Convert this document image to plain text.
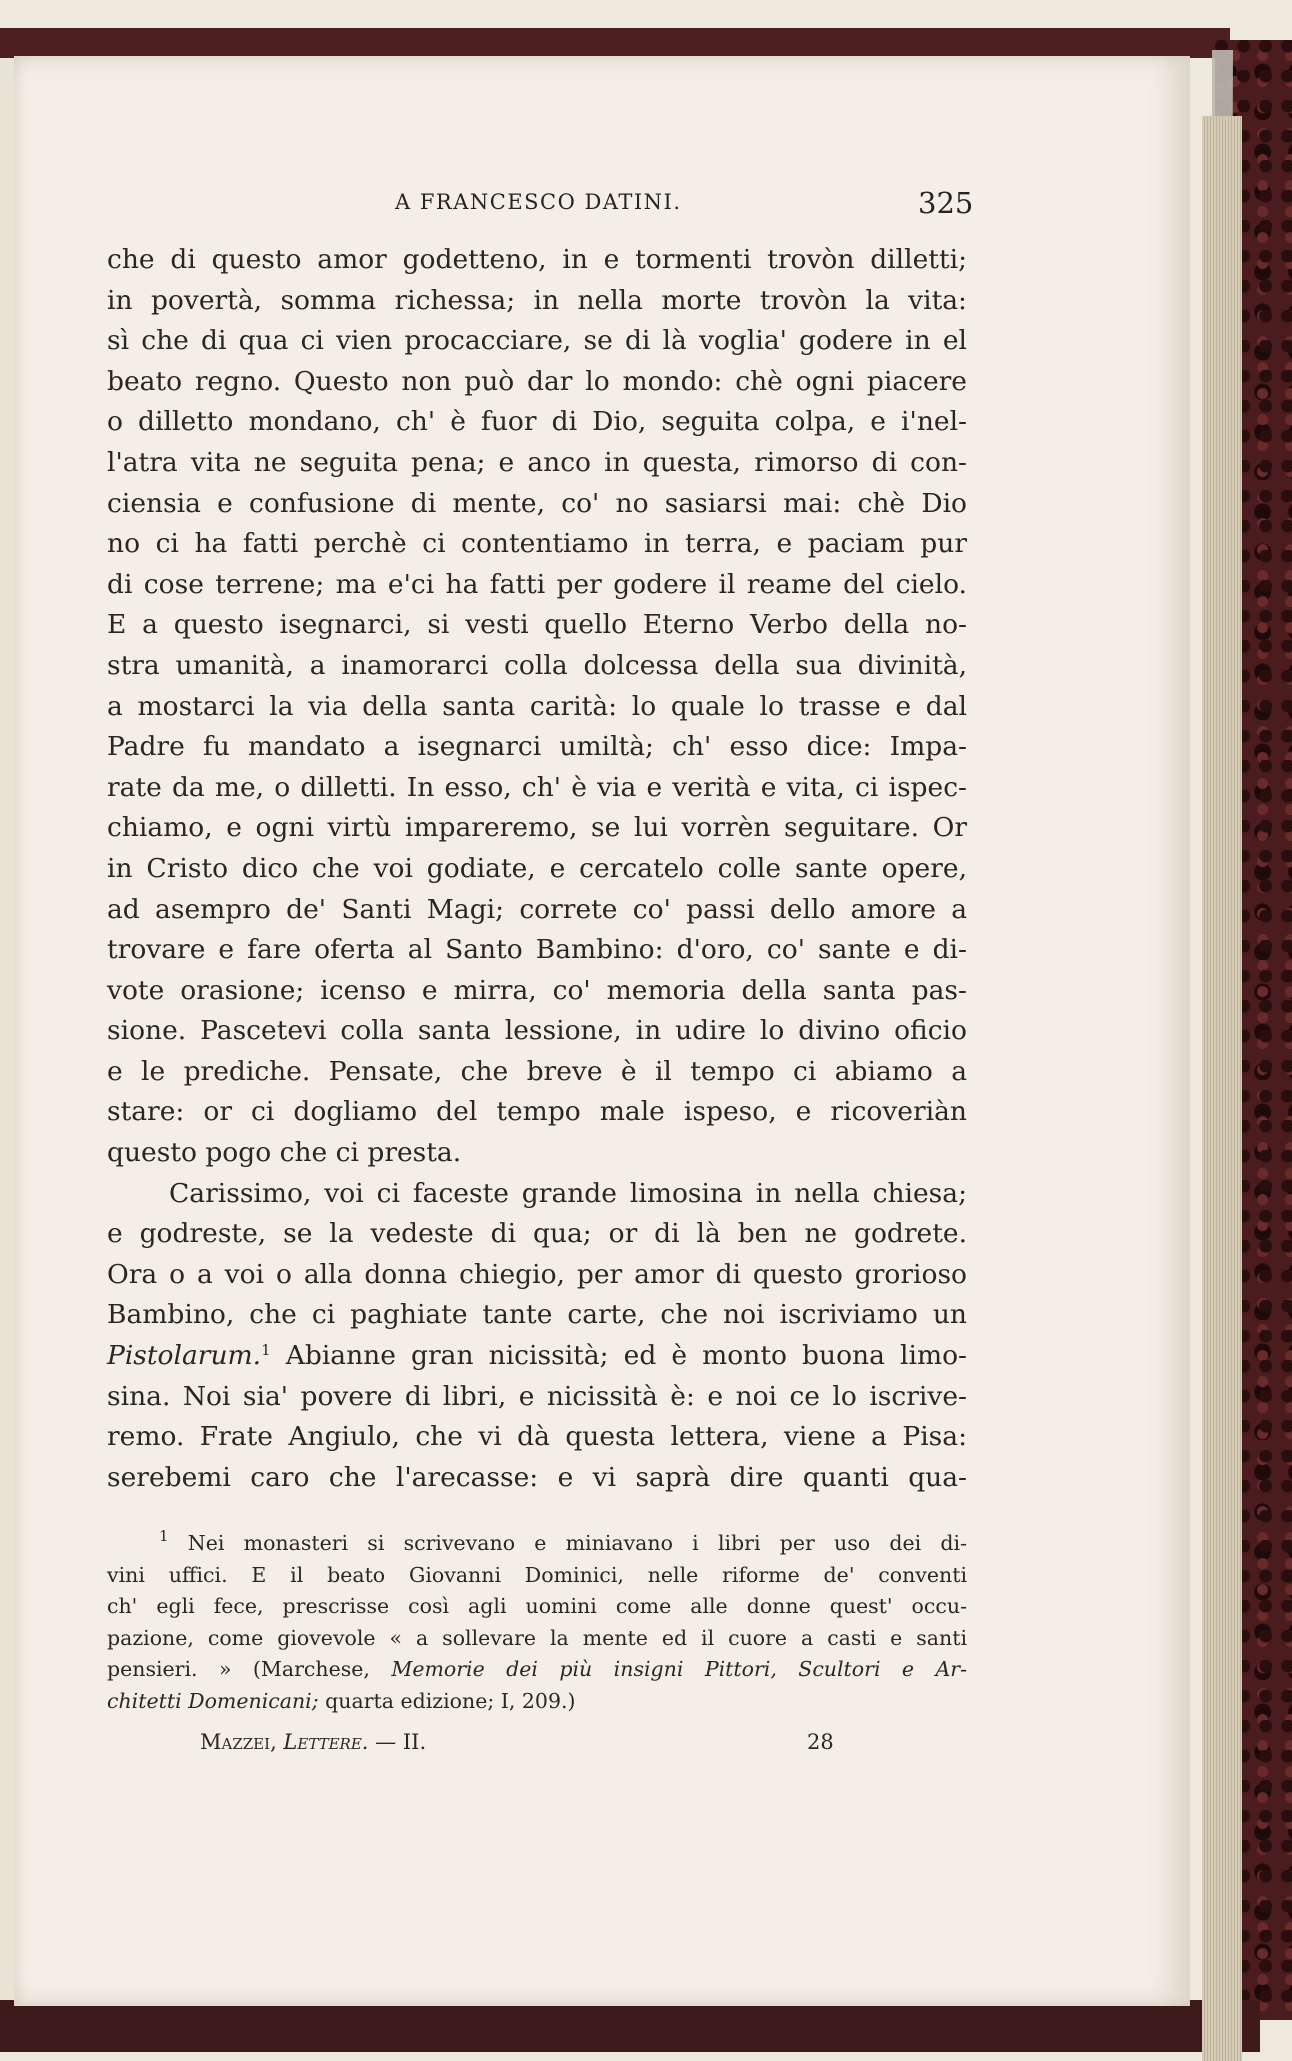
A FRANCESCO DATINI.	325
che di questo amor godetteno, in e tormenti trovòn dilletti;
in povertà, somma richessa; in nella morte trovòn la vita:
sì che di qua ci vien procacciare, se di là voglia' godere in el
beato regno. Questo non può dar lo mondo: chè ogni piacere
o dilletto mondano, ch' è fuor di Dio, seguita colpa, e i'nel-
l'atra vita ne seguita pena; e anco in questa, rimorso di con-
ciensia e confusione di mente, co' no sasiarsi mai: chè Dio
no ci ha fatti perchè ci contentiamo in terra, e paciam pur
di cose terrene; ma e'ci ha fatti per godere il reame del cielo.
E a questo isegnarci, si vesti quello Eterno Verbo della no-
stra umanità, a inamorarci colla dolcessa della sua divinità,
a mostarci la via della santa carità: lo quale lo trasse e dal
Padre fu mandato a isegnarci umiltà; ch' esso dice: Impa-
rate da me, o dilletti. In esso, ch' è via e verità e vita, ci ispec-
chiamo, e ogni virtù impareremo, se lui vorrèn seguitare. Or
in Cristo dico che voi godiate, e cercatelo colle sante opere,
ad asempro de' Santi Magi; correte co' passi dello amore a
trovare e fare oferta al Santo Bambino: d'oro, co' sante e di-
vote orasione; icenso e mirra, co' memoria della santa pas-
sione. Pascetevi colla santa lessione, in udire lo divino oficio
e le prediche. Pensate, che breve è il tempo ci abiamo a
stare: or ci dogliamo del tempo male ispeso, e ricoveriàn
questo pogo che ci presta.
Carissimo, voi ci faceste grande limosina in nella chiesa;
e godreste, se la vedeste di qua; or di là ben ne godrete.
Ora o a voi o alla donna chiegio, per amor di questo grorioso
Bambino, che ci paghiate tante carte, che noi iscriviamo un
Pistolarum.$^1$ Abianne gran nicissità; ed è monto buona limo-
sina. Noi sia' povere di libri, e nicissità è: e noi ce lo iscrive-
remo. Frate Angiulo, che vi dà questa lettera, viene a Pisa:
serebemi caro che l'arecasse: e vi saprà dire quanti qua-
$^1$ Nei monasteri si scrivevano e miniavano i libri per uso dei di-
vini uffici. E il beato Giovanni Dominici, nelle riforme de' conventi
ch' egli fece, prescrisse così agli uomini come alle donne quest' occu-
pazione, come giovevole « a sollevare la mente ed il cuore a casti e santi
pensieri. » (Marchese, Memorie dei più insigni Pittori, Scultori e Ar-
chitetti Domenicani; quarta edizione; I, 209.)
Mazzei, Lettere. — II.	28
